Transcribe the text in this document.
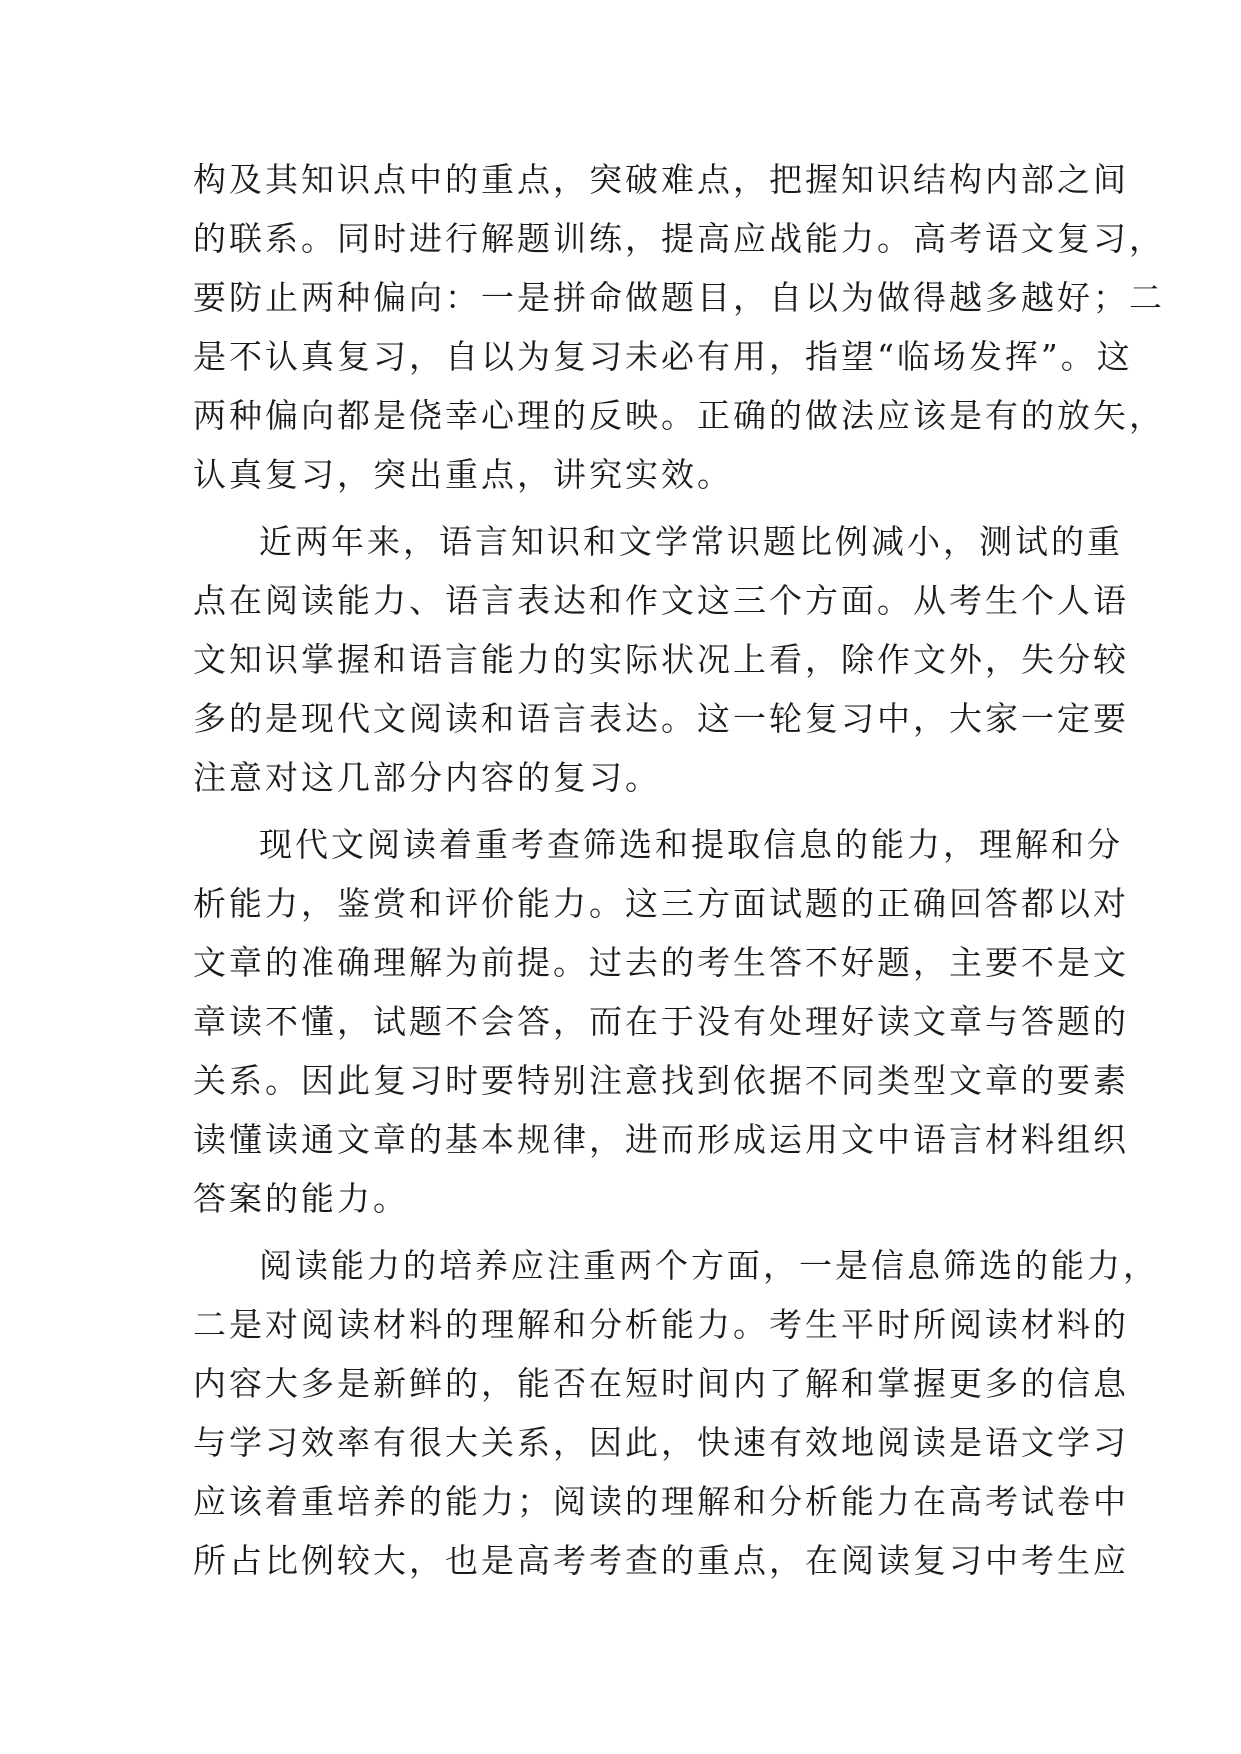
构及其知识点中的重点，突破难点，把握知识结构内部之间
的联系。同时进行解题训练，提高应战能力。高考语文复习，
要防止两种偏向：一是拼命做题目，自以为做得越多越好；二
是不认真复习，自以为复习未必有用，指望“临场发挥”。这
两种偏向都是侥幸心理的反映。正确的做法应该是有的放矢，
认真复习，突出重点，讲究实效。
近两年来，语言知识和文学常识题比例减小，测试的重
点在阅读能力、语言表达和作文这三个方面。从考生个人语
文知识掌握和语言能力的实际状况上看，除作文外，失分较
多的是现代文阅读和语言表达。这一轮复习中，大家一定要
注意对这几部分内容的复习。
现代文阅读着重考查筛选和提取信息的能力，理解和分
析能力，鉴赏和评价能力。这三方面试题的正确回答都以对
文章的准确理解为前提。过去的考生答不好题，主要不是文
章读不懂，试题不会答，而在于没有处理好读文章与答题的
关系。因此复习时要特别注意找到依据不同类型文章的要素
读懂读通文章的基本规律，进而形成运用文中语言材料组织
答案的能力。
阅读能力的培养应注重两个方面，一是信息筛选的能力，
二是对阅读材料的理解和分析能力。考生平时所阅读材料的
内容大多是新鲜的，能否在短时间内了解和掌握更多的信息
与学习效率有很大关系，因此，快速有效地阅读是语文学习
应该着重培养的能力；阅读的理解和分析能力在高考试卷中
所占比例较大，也是高考考查的重点，在阅读复习中考生应
